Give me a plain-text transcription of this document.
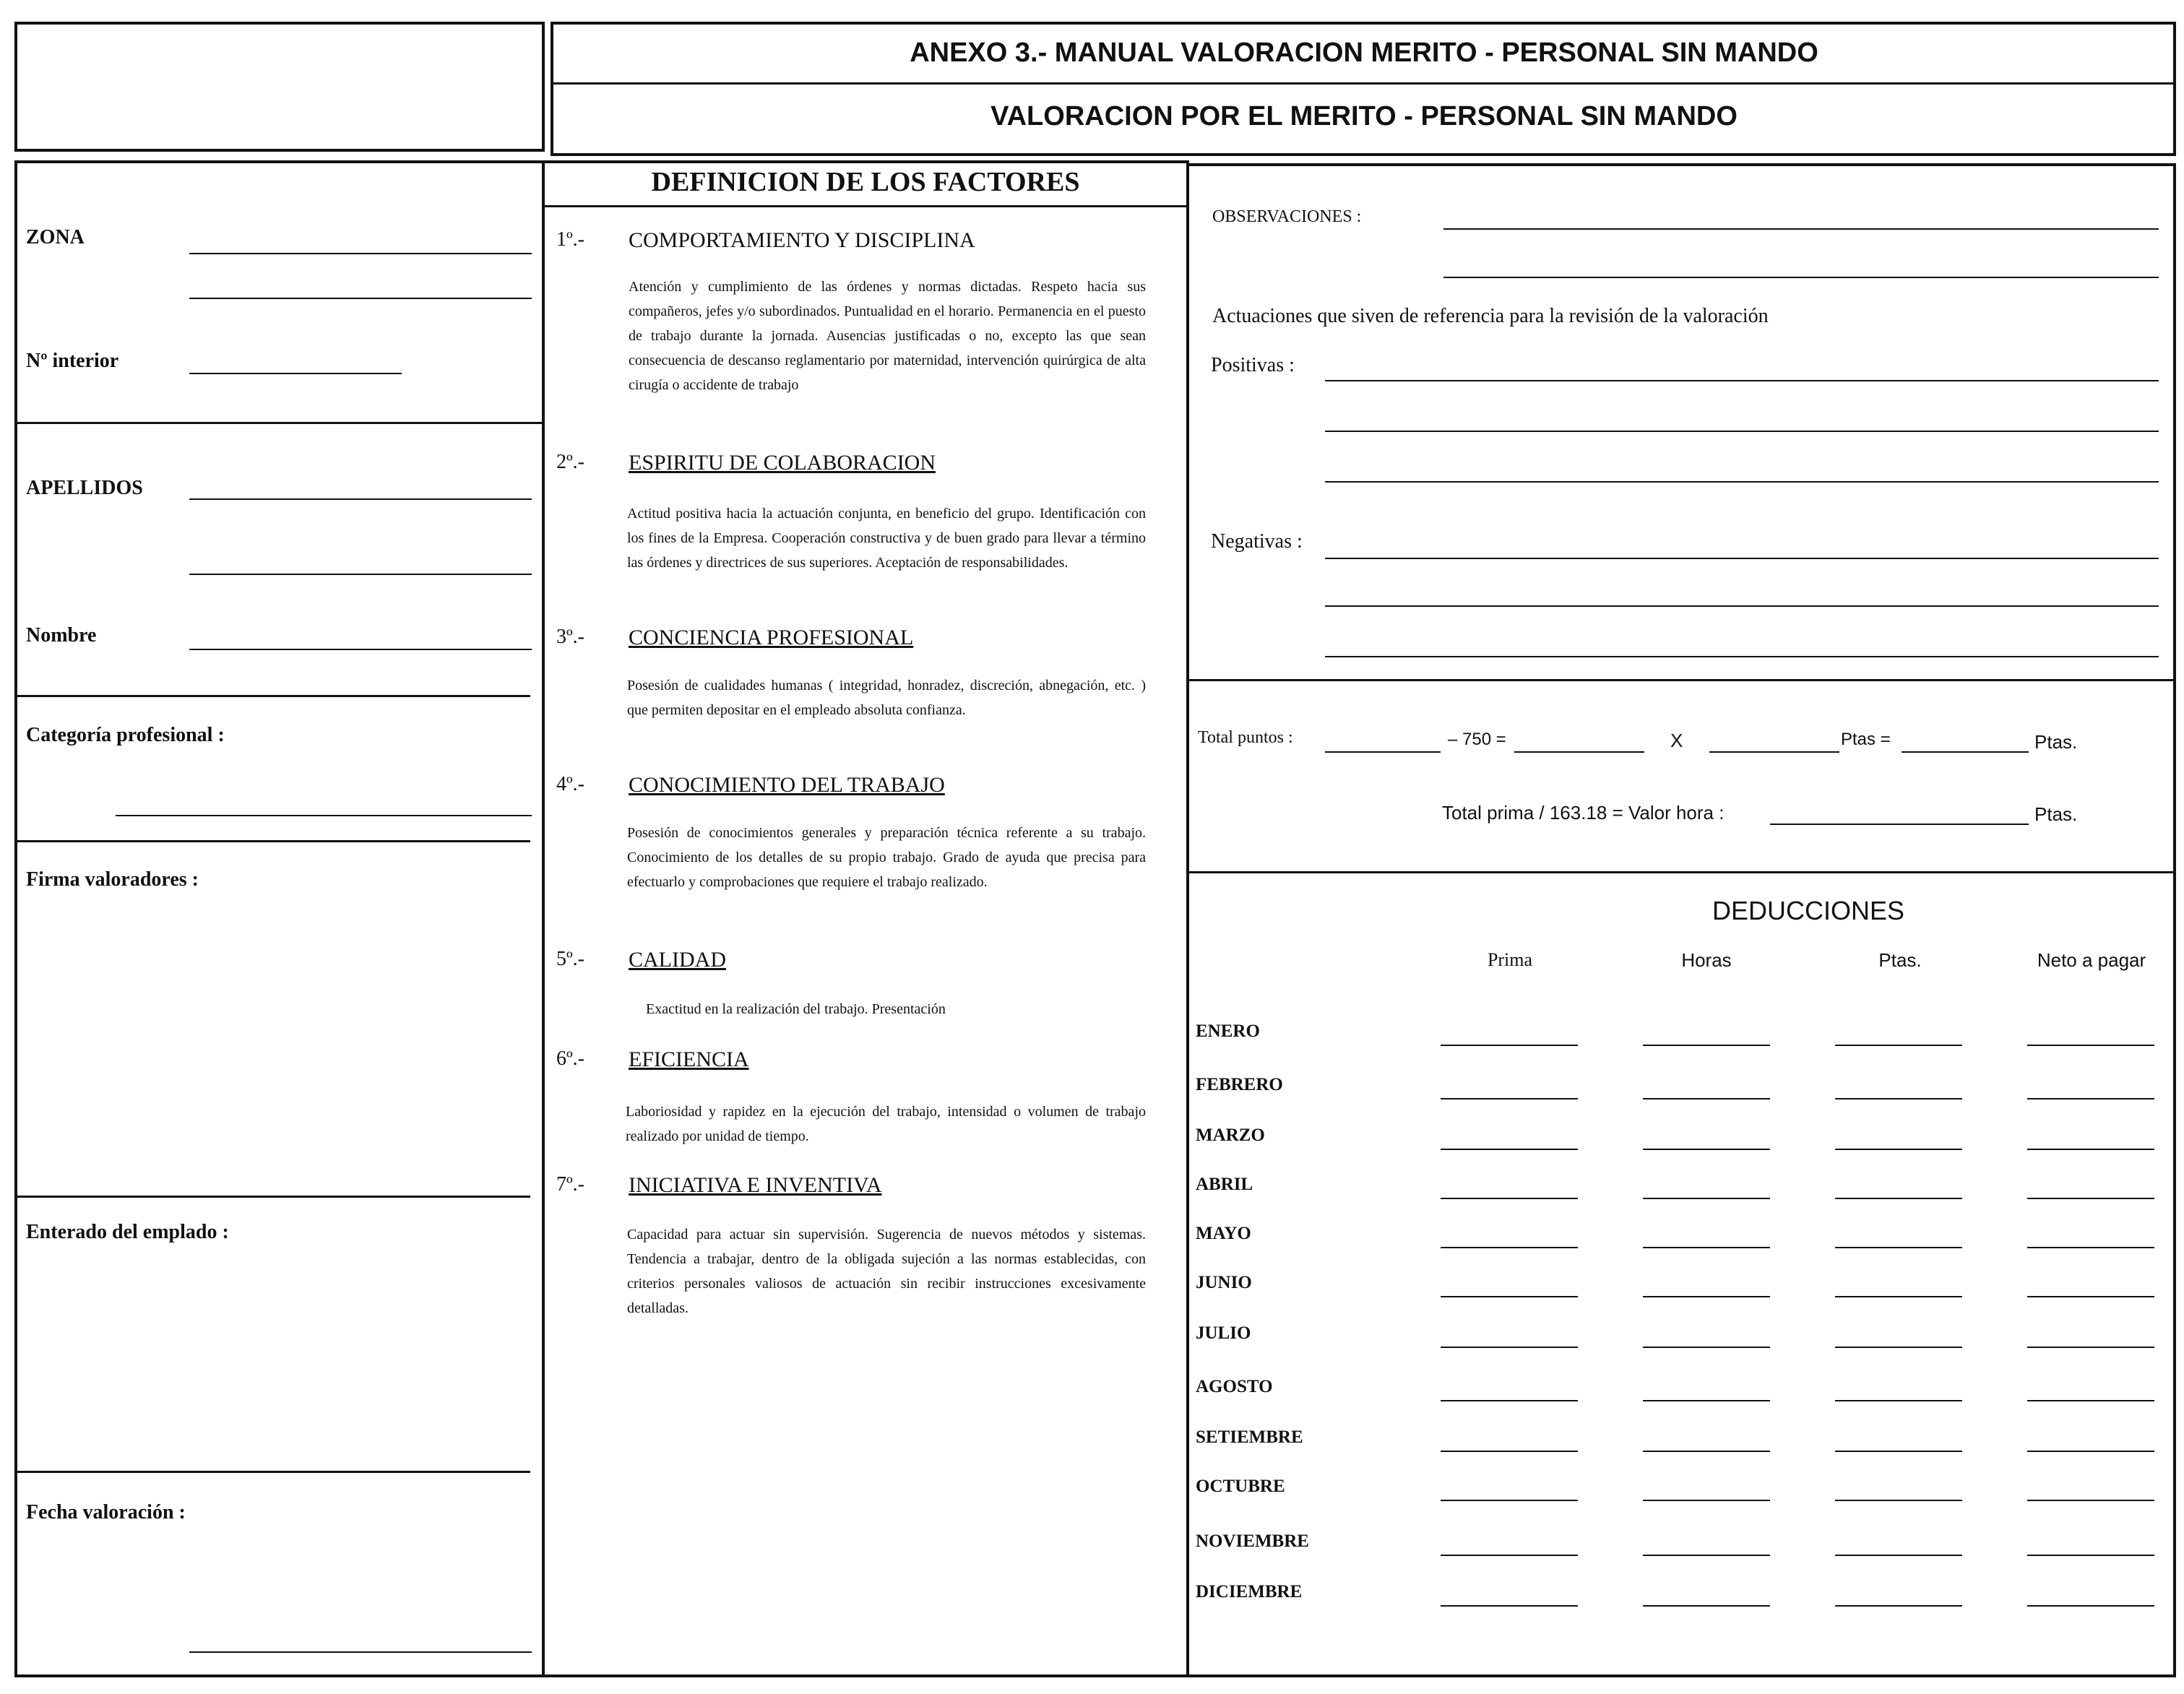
ANEXO 3.- MANUAL VALORACION MERITO - PERSONAL SIN MANDO
VALORACION POR EL MERITO - PERSONAL SIN MANDO
ZONA
Nº interior
APELLIDOS
Nombre
Categoría profesional :
Firma valoradores :
Enterado del emplado :
Fecha valoración :
DEFINICION DE LOS FACTORES
1º.- COMPORTAMIENTO Y DISCIPLINA
Atención y cumplimiento de las órdenes y normas dictadas. Respeto hacia sus compañeros, jefes y/o subordinados. Puntualidad en el horario. Permanencia en el puesto de trabajo durante la jornada. Ausencias justificadas o no, excepto las que sean consecuencia de descanso reglamentario por maternidad, intervención quirúrgica de alta cirugía o accidente de trabajo
2º.- ESPIRITU DE COLABORACION
Actitud positiva hacia la actuación conjunta, en beneficio del grupo. Identificación con los fines de la Empresa. Cooperación constructiva y de buen grado para llevar a término las órdenes y directrices de sus superiores. Aceptación de responsabilidades.
3º.- CONCIENCIA PROFESIONAL
Posesión de cualidades humanas ( integridad, honradez, discreción, abnegación, etc. ) que permiten depositar en el empleado absoluta confianza.
4º.- CONOCIMIENTO DEL TRABAJO
Posesión de conocimientos generales y preparación técnica referente a su trabajo. Conocimiento de los detalles de su propio trabajo. Grado de ayuda que precisa para efectuarlo y comprobaciones que requiere el trabajo realizado.
5º.- CALIDAD
Exactitud en la realización del trabajo. Presentación
6º.- EFICIENCIA
Laboriosidad y rapidez en la ejecución del trabajo, intensidad o volumen de trabajo realizado por unidad de tiempo.
7º.- INICIATIVA E INVENTIVA
Capacidad para actuar sin supervisión. Sugerencia de nuevos métodos y sistemas. Tendencia a trabajar, dentro de la obligada sujeción a las normas establecidas, con criterios personales valiosos de actuación sin recibir instrucciones excesivamente detalladas.
OBSERVACIONES :
Actuaciones que siven de referencia para la revisión de la valoración
Positivas :
Negativas :
Total puntos :	– 750 =	X	Ptas =	Ptas.
Total prima / 163.18 = Valor hora :	Ptas.
DEDUCCIONES
Prima	Horas	Ptas.	Neto a pagar
ENERO
FEBRERO
MARZO
ABRIL
MAYO
JUNIO
JULIO
AGOSTO
SETIEMBRE
OCTUBRE
NOVIEMBRE
DICIEMBRE
